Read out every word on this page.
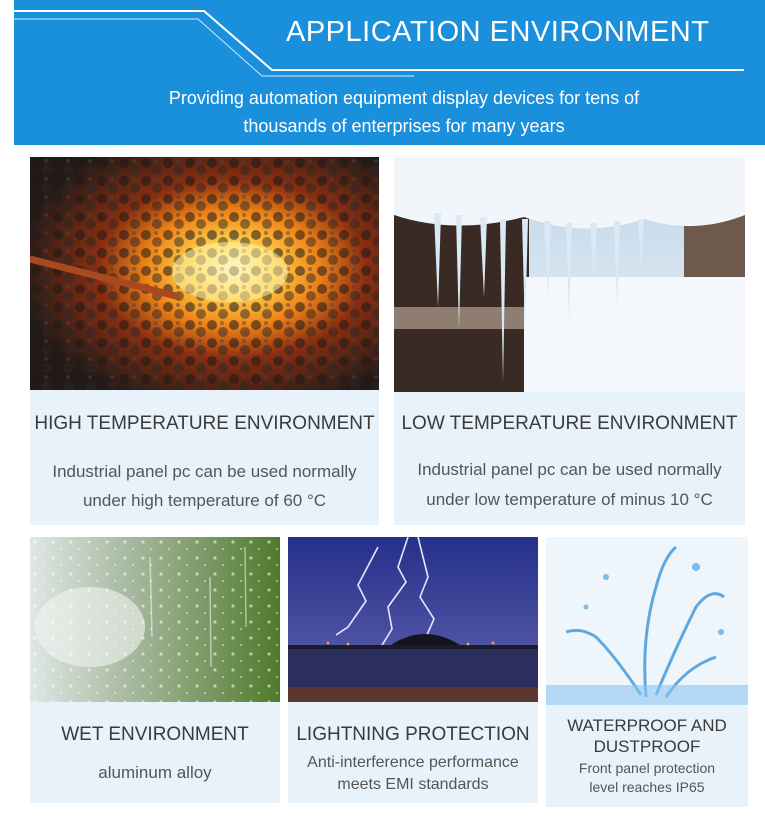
APPLICATION ENVIRONMENT
Providing automation equipment display devices for tens of
thousands of enterprises for many years
HIGH TEMPERATURE ENVIRONMENT
Industrial panel pc can be used normally
under high temperature of 60 °C
LOW TEMPERATURE ENVIRONMENT
Industrial panel pc can be used normally
under low temperature of minus 10 °C
WET ENVIRONMENT
aluminum alloy
LIGHTNING PROTECTION
Anti-interference performance
meets EMI standards
WATERPROOF AND
DUSTPROOF
Front panel protection
level reaches IP65
